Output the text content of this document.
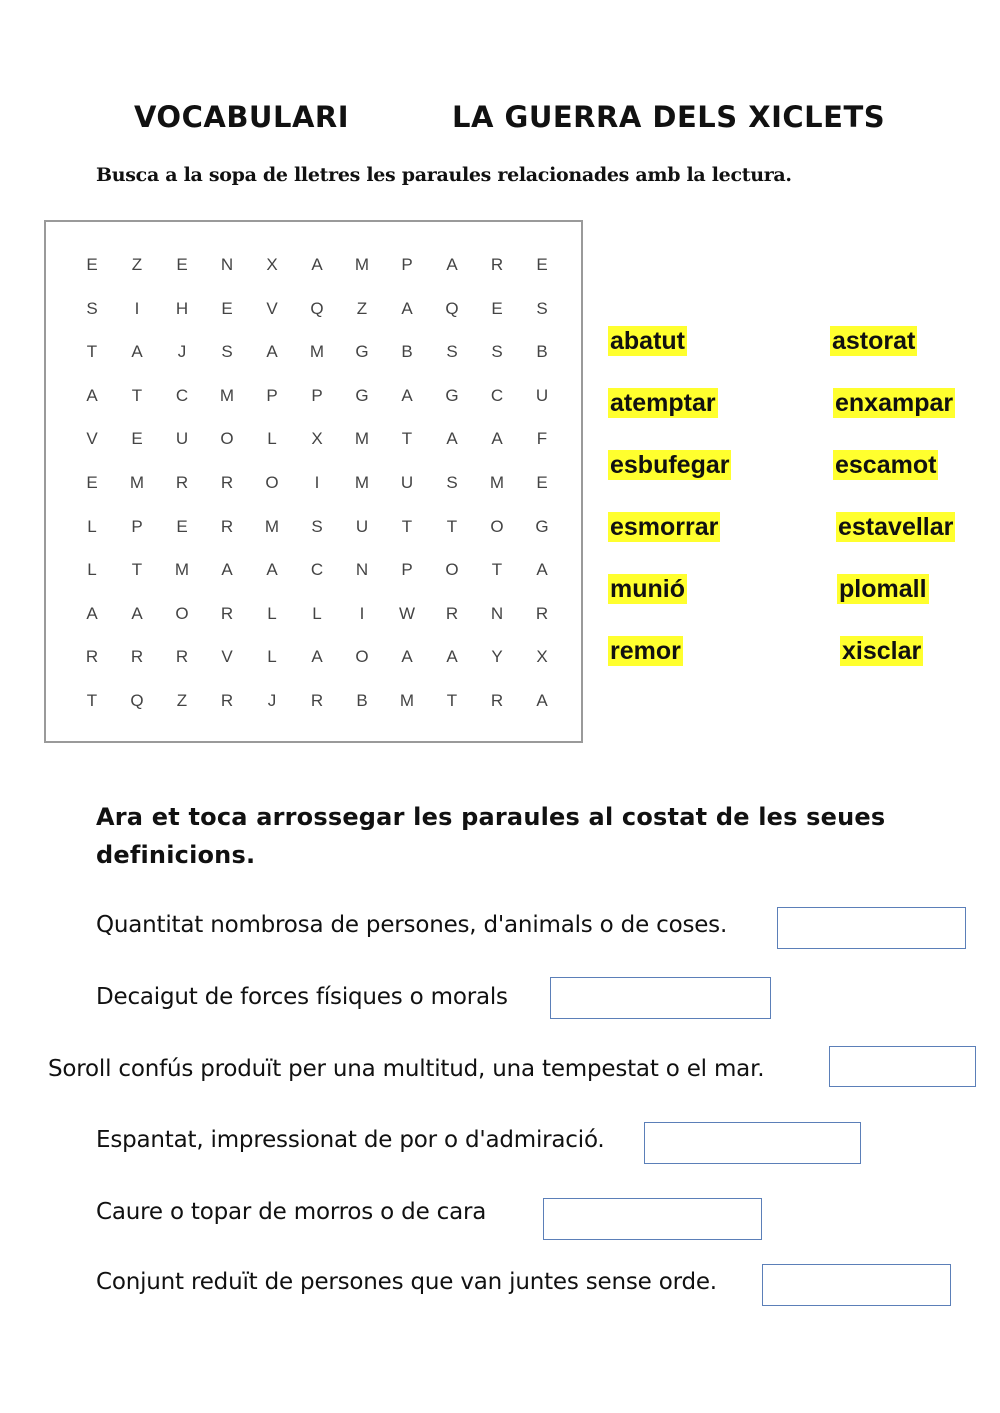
VOCABULARI	LA GUERRA DELS XICLETS
Busca a la sopa de lletres les paraules relacionades amb la lectura.
E	Z	E	N	X	A	M	P	A	R	E
S	I	H	E	V	Q	Z	A	Q	E	S
T	A	J	S	A	M	G	B	S	S	B
A	T	C	M	P	P	G	A	G	C	U
V	E	U	O	L	X	M	T	A	A	F
E	M	R	R	O	I	M	U	S	M	E
L	P	E	R	M	S	U	T	T	O	G
L	T	M	A	A	C	N	P	O	T	A
A	A	O	R	L	L	I	W	R	N	R
R	R	R	V	L	A	O	A	A	Y	X
T	Q	Z	R	J	R	B	M	T	R	A
abatut	astorat
atemptar	enxampar
esbufegar	escamot
esmorrar	estavellar
munió	plomall
remor	xisclar
Ara et toca arrossegar les paraules al costat de les seues definicions.
Quantitat nombrosa de persones, d'animals o de coses.
Decaigut de forces físiques o morals
Soroll confús produït per una multitud, una tempestat o el mar.
Espantat, impressionat de por o d'admiració.
Caure o topar de morros o de cara
Conjunt reduït de persones que van juntes sense orde.
